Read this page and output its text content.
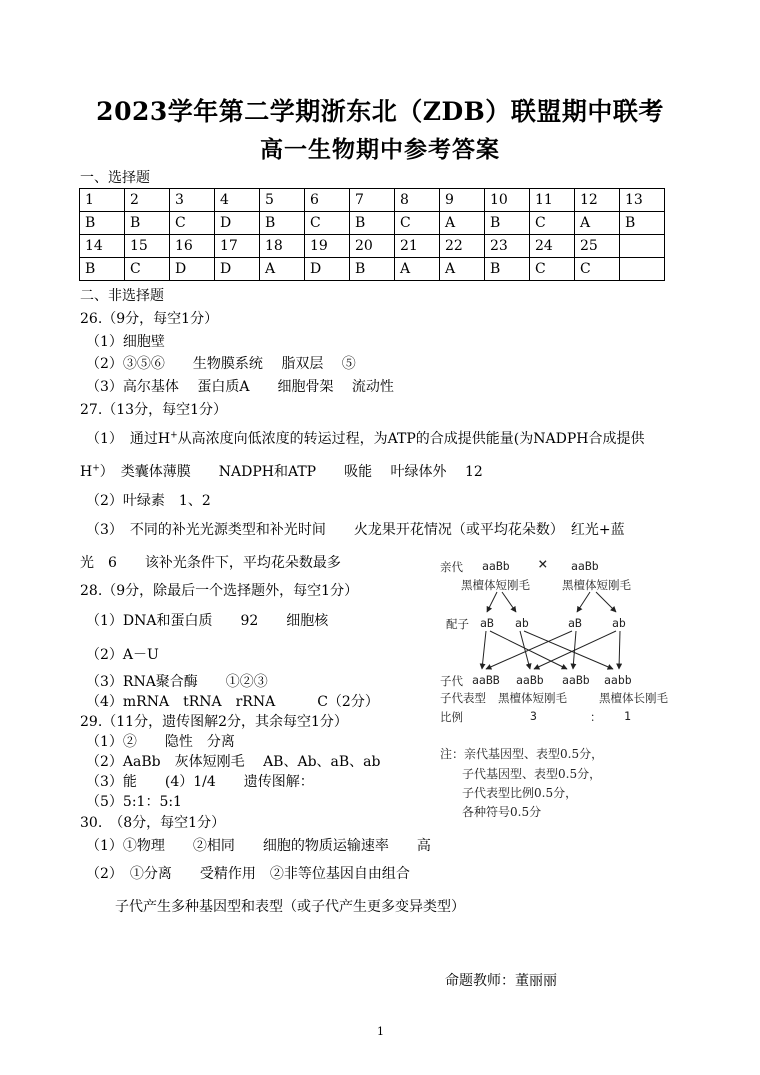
2023学年第二学期浙东北（ZDB）联盟期中联考
高一生物期中参考答案
一、选择题
1	2	3	4	5	6	7	8	9	10	11	12	13
B	B	C	D	B	C	B	C	A	B	C	A	B
14	15	16	17	18	19	20	21	22	23	24	25	
B	C	D	D	A	D	B	A	A	B	C	C	
二、非选择题
26.（9分，每空1分）
（1）细胞壁
（2）③⑤⑥　　生物膜系统　 脂双层　 ⑤
（3）高尔基体　 蛋白质A　　细胞骨架　 流动性
27.（13分，每空1分）
（1）　通过H+从高浓度向低浓度的转运过程，为ATP的合成提供能量(为NADPH合成提供
H+）　类囊体薄膜　　NADPH和ATP　　吸能　 叶绿体外　 12
（2）叶绿素　1、2
（3）　不同的补光光源类型和补光时间　　火龙果开花情况（或平均花朵数）　红光+蓝
光　6　　该补光条件下，平均花朵数最多
28.（9分，除最后一个选择题外，每空1分）
（1）DNA和蛋白质　　92　　细胞核
（2）A－U
（3）RNA聚合酶　　①②③
（4）mRNA　tRNA　rRNA　　　C（2分）
29.（11分，遗传图解2分，其余每空1分）
（1）②　　隐性　分离
（2）AaBb　灰体短刚毛　 AB、Ab、aB、ab
（3）能　　(4）1/4　　遗传图解：
（5）5:1：5:1
30.　（8分，每空1分）
（1）①物理　　②相同　　细胞的物质运输速率　　高
（2）　①分离　　受精作用　②非等位基因自由组合
子代产生多种基因型和表型（或子代产生更多变异类型）
亲代 aaBb × aaBb
黑檀体短刚毛	黑檀体短刚毛
配子 aB ab	aB	ab
子代 aaBB aaBb aaBb aabb
子代表型 黑檀体短刚毛	黑檀体长刚毛
比例	3	： 1
注：亲代基因型、表型0.5分，
子代基因型、表型0.5分，
子代表型比例0.5分，
各种符号0.5分
命题教师：董丽丽
1
